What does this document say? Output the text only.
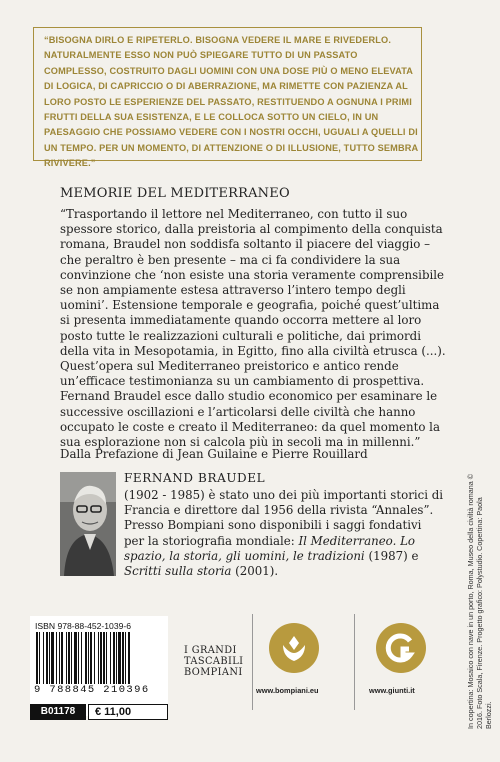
“BISOGNA DIRLO E RIPETERLO. BISOGNA VEDERE IL MARE E RIVEDERLO. NATURALMENTE ESSO NON PUÒ SPIEGARE TUTTO DI UN PASSATO COMPLESSO, COSTRUITO DAGLI UOMINI CON UNA DOSE PIÙ O MENO ELEVATA DI LOGICA, DI CAPRICCIO O DI ABERRAZIONE, MA RIMETTE CON PAZIENZA AL LORO POSTO LE ESPERIENZE DEL PASSATO, RESTITUENDO A OGNUNA I PRIMI FRUTTI DELLA SUA ESISTENZA, E LE COLLOCA SOTTO UN CIELO, IN UN PAESAGGIO CHE POSSIAMO VEDERE CON I NOSTRI OCCHI, UGUALI A QUELLI DI UN TEMPO. PER UN MOMENTO, DI ATTENZIONE O DI ILLUSIONE, TUTTO SEMBRA RIVIVERE.”

MEMORIE DEL MEDITERRANEO

“Trasportando il lettore nel Mediterraneo, con tutto il suo spessore storico, dalla preistoria al compimento della conquista romana, Braudel non soddisfa soltanto il piacere del viaggio – che peraltro è ben presente – ma ci fa condividere la sua convinzione che ‘non esiste una storia veramente comprensibile se non ampiamente estesa attraverso l’intero tempo degli uomini’. Estensione temporale e geografia, poiché quest’ultima si presenta immediatamente quando occorra mettere al loro posto tutte le realizzazioni culturali e politiche, dai primordi della vita in Mesopotamia, in Egitto, fino alla civiltà etrusca (...). Quest’opera sul Mediterraneo preistorico e antico rende un’efficace testimonianza su un cambiamento di prospettiva. Fernand Braudel esce dallo studio economico per esaminare le successive oscillazioni e l’articolarsi delle civiltà che hanno occupato le coste e creato il Mediterraneo: da quel momento la sua esplorazione non si calcola più in secoli ma in millenni.”

Dalla Prefazione di Jean Guilaine e Pierre Rouillard

FERNAND BRAUDEL

(1902 - 1985) è stato uno dei più importanti storici di Francia e direttore dal 1956 della rivista “Annales”. Presso Bompiani sono disponibili i saggi fondativi per la storiografia mondiale: Il Mediterraneo. Lo spazio, la storia, gli uomini, le tradizioni (1987) e Scritti sulla storia (2001).

ISBN 978-88-452-1039-6

9 788845 210396

B01178	€ 11,00

I GRANDI
TASCABILI
BOMPIANI

www.bompiani.eu	www.giunti.it	In copertina: Mosaico con nave in un porto, Roma, Museo della civiltà romana © 2016. Foto Scala, Firenze. Progetto grafico: Polystudio. Copertina: Paola Berlozzi.
